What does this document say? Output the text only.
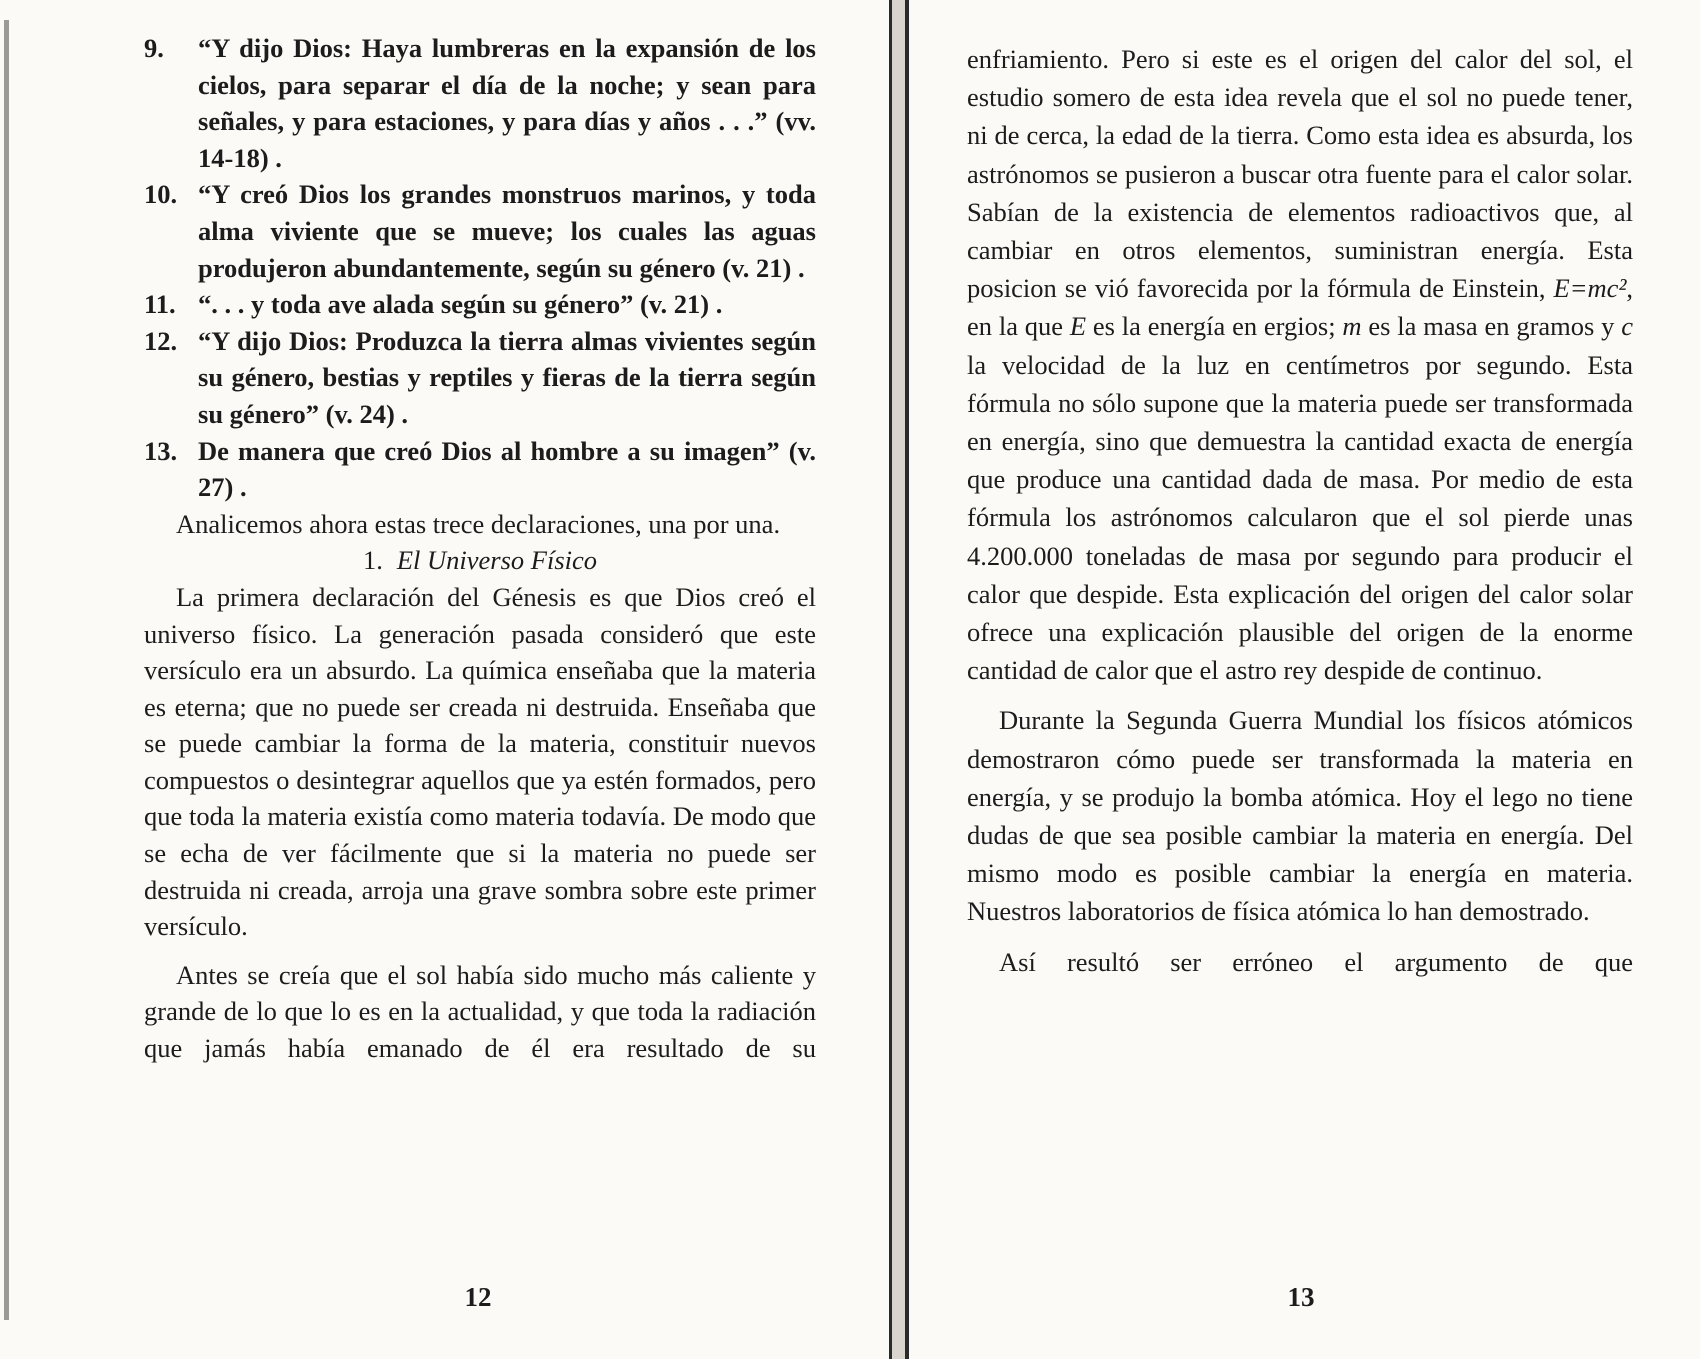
9.	“Y dijo Dios: Haya lumbreras en la expansión de los cielos, para separar el día de la noche; y sean para señales, y para estaciones, y para días y años . . .” (vv. 14-18) .
10. “Y creó Dios los grandes monstruos marinos, y toda alma viviente que se mueve; los cuales las aguas produjeron abundantemente, según su género (v. 21) .
11. “. . . y toda ave alada según su género” (v. 21) .
12. “Y dijo Dios: Produzca la tierra almas vivientes según su género, bestias y reptiles y fieras de la tierra según su género” (v. 24) .
13. De manera que creó Dios al hombre a su imagen” (v. 27) .

Analicemos ahora estas trece declaraciones, una por una.

1. El Universo Físico

La primera declaración del Génesis es que Dios creó el universo físico. La generación pasada consideró que este versículo era un absurdo. La química enseñaba que la materia es eterna; que no puede ser creada ni destruida. Enseñaba que se puede cambiar la forma de la materia, constituir nuevos compuestos o desintegrar aquellos que ya estén formados, pero que toda la materia existía como materia todavía. De modo que se echa de ver fácilmente que si la materia no puede ser destruida ni creada, arroja una grave sombra sobre este primer versículo.

Antes se creía que el sol había sido mucho más caliente y grande de lo que lo es en la actualidad, y que toda la radiación que jamás había emanado de él era resultado de su

12

enfriamiento. Pero si este es el origen del calor del sol, el estudio somero de esta idea revela que el sol no puede tener, ni de cerca, la edad de la tierra. Como esta idea es absurda, los astrónomos se pusieron a buscar otra fuente para el calor solar. Sabían de la existencia de elementos radioactivos que, al cambiar en otros elementos, suministran energía. Esta posicion se vió favorecida por la fórmula de Einstein, E=mc², en la que E es la energía en ergios; m es la masa en gramos y c la velocidad de la luz en centímetros por segundo. Esta fórmula no sólo supone que la materia puede ser transformada en energía, sino que demuestra la cantidad exacta de energía que produce una cantidad dada de masa. Por medio de esta fórmula los astrónomos calcularon que el sol pierde unas 4.200.000 toneladas de masa por segundo para producir el calor que despide. Esta explicación del origen del calor solar ofrece una explicación plausible del origen de la enorme cantidad de calor que el astro rey despide de continuo.

Durante la Segunda Guerra Mundial los físicos atómicos demostraron cómo puede ser transformada la materia en energía, y se produjo la bomba atómica. Hoy el lego no tiene dudas de que sea posible cambiar la materia en energía. Del mismo modo es posible cambiar la energía en materia. Nuestros laboratorios de física atómica lo han demostrado.

Así resultó ser erróneo el argumento de que

13
